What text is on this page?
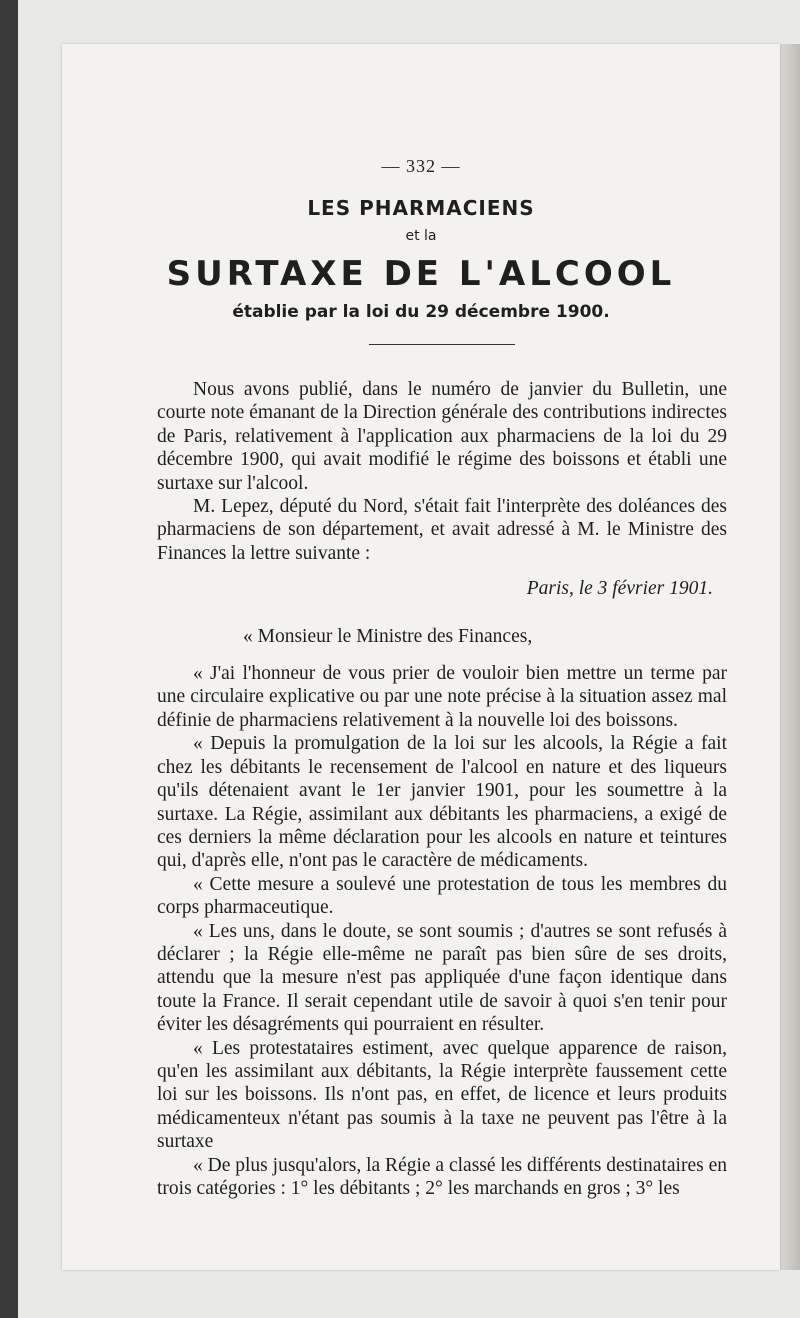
— 332 —
LES PHARMACIENS
et la
SURTAXE DE L'ALCOOL
établie par la loi du 29 décembre 1900.

Nous avons publié, dans le numéro de janvier du Bulletin, une courte note émanant de la Direction générale des contributions indirectes de Paris, relativement à l'application aux pharmaciens de la loi du 29 décembre 1900, qui avait modifié le régime des boissons et établi une surtaxe sur l'alcool.

M. Lepez, député du Nord, s'était fait l'interprète des doléances des pharmaciens de son département, et avait adressé à M. le Ministre des Finances la lettre suivante :

Paris, le 3 février 1901.

« Monsieur le Ministre des Finances,

« J'ai l'honneur de vous prier de vouloir bien mettre un terme par une circulaire explicative ou par une note précise à la situation assez mal définie de pharmaciens relativement à la nouvelle loi des boissons.

« Depuis la promulgation de la loi sur les alcools, la Régie a fait chez les débitants le recensement de l'alcool en nature et des liqueurs qu'ils détenaient avant le 1er janvier 1901, pour les soumettre à la surtaxe. La Régie, assimilant aux débitants les pharmaciens, a exigé de ces derniers la même déclaration pour les alcools en nature et teintures qui, d'après elle, n'ont pas le caractère de médicaments.

« Cette mesure a soulevé une protestation de tous les membres du corps pharmaceutique.

« Les uns, dans le doute, se sont soumis ; d'autres se sont refusés à déclarer ; la Régie elle-même ne paraît pas bien sûre de ses droits, attendu que la mesure n'est pas appliquée d'une façon identique dans toute la France. Il serait cependant utile de savoir à quoi s'en tenir pour éviter les désagréments qui pourraient en résulter.

« Les protestataires estiment, avec quelque apparence de raison, qu'en les assimilant aux débitants, la Régie interprète faussement cette loi sur les boissons. Ils n'ont pas, en effet, de licence et leurs produits médicamenteux n'étant pas soumis à la taxe ne peuvent pas l'être à la surtaxe

« De plus jusqu'alors, la Régie a classé les différents destinataires en trois catégories : 1° les débitants ; 2° les marchands en gros ; 3° les
